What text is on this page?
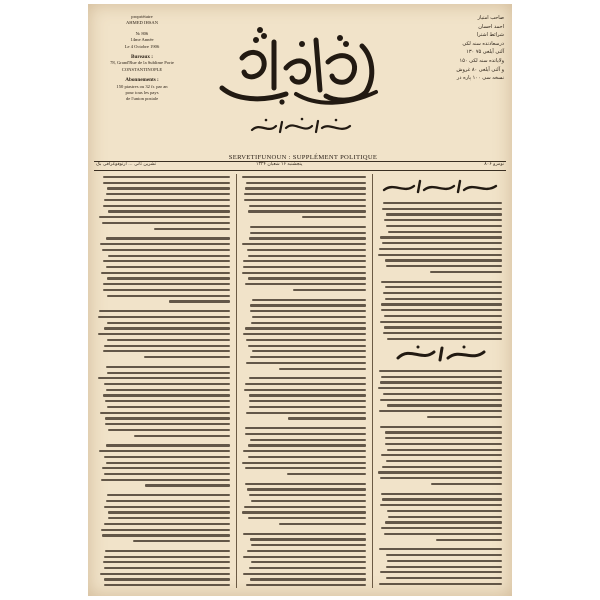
propriétaire
AHMED IHSAN
№ 806
14me Année
Le 4 Octobre 1906
Bureaux :
78, Grand'Rue de la Sublime Porte
CONSTANTINOPLE
Abonnements :
150 piastres ou 32 fr. par an
pour tous les pays
de l'union postale
صاحب امتیاز
احمد احسان
شرائط اشترا
درسعادتده سنه لکی
۱۳۰ آلتی آیلغی ۷۵
ولایاتده سنه لکی ۱۵۰
و آلتی آیلغی ۸۰ غروش
نسخه سی ۱۰۰ پاره در
SERVETIFUNOUN : SUPPLÉMENT POLITIQUE
تشرین ثانی ... ارتوفوغرافی بک	پنجشنبه ۱۶ شعبان ۱۳۲۴	نومرو ۸۰۶
